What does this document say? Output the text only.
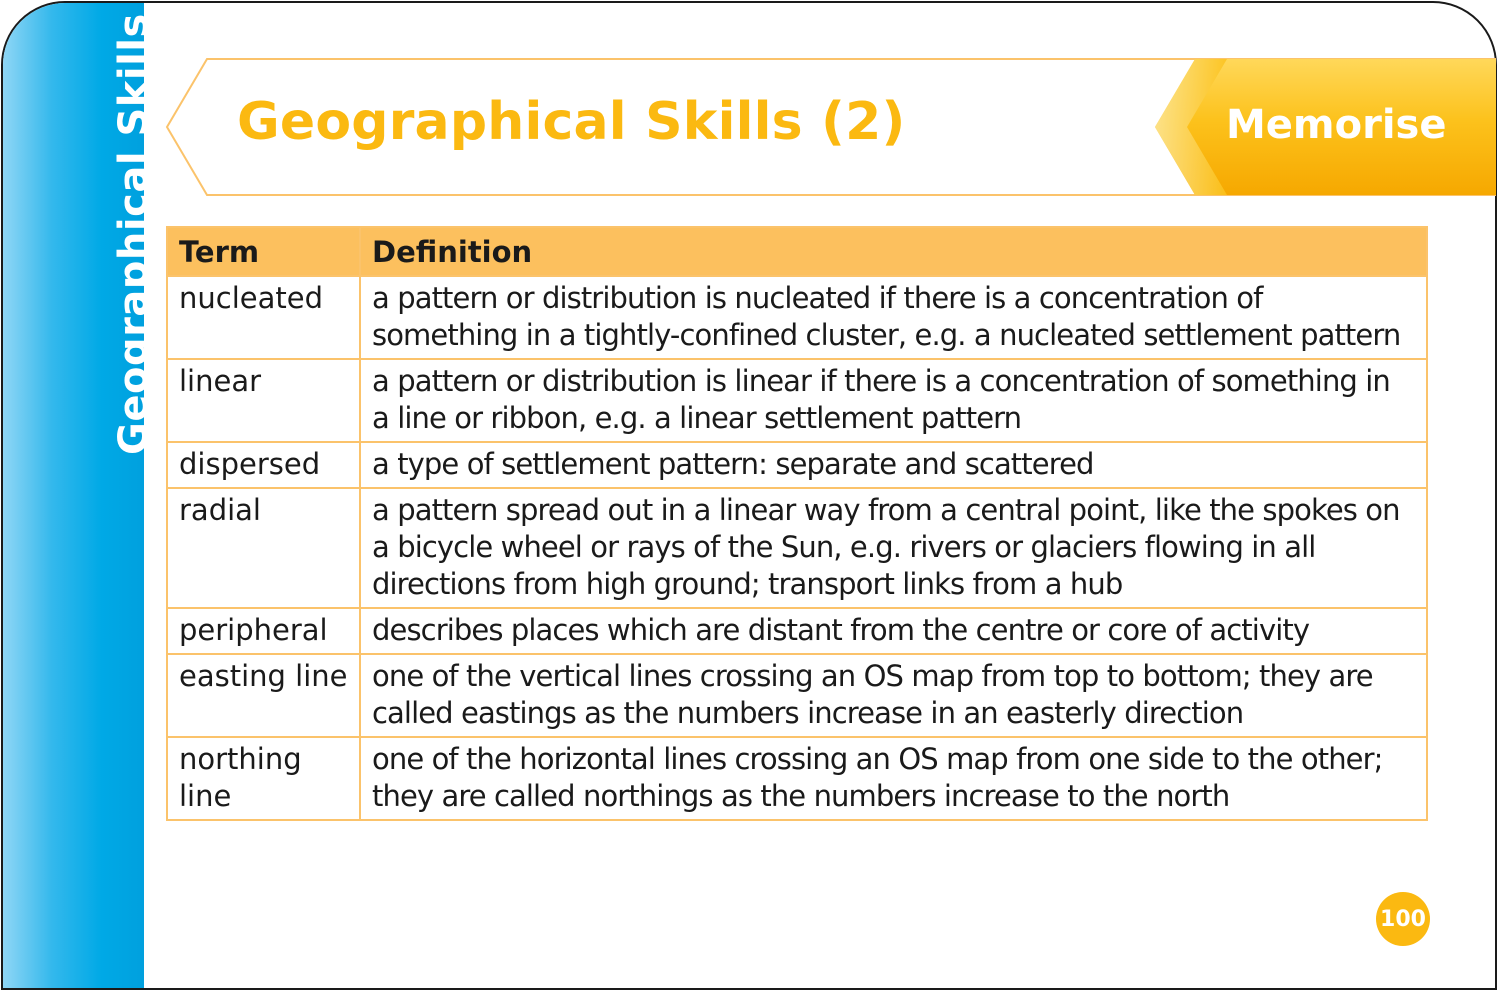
Geographical Skills Geographical Skills (2)	Memorise
Term	Definition
nucleated	a pattern or distribution is nucleated if there is a concentration of something in a tightly-confined cluster, e.g. a nucleated settlement pattern
linear	a pattern or distribution is linear if there is a concentration of something in a line or ribbon, e.g. a linear settlement pattern
dispersed	a type of settlement pattern: separate and scattered
radial	a pattern spread out in a linear way from a central point, like the spokes on a bicycle wheel or rays of the Sun, e.g. rivers or glaciers flowing in all directions from high ground; transport links from a hub
peripheral	describes places which are distant from the centre or core of activity
easting line	one of the vertical lines crossing an OS map from top to bottom; they are called eastings as the numbers increase in an easterly direction
northing line	one of the horizontal lines crossing an OS map from one side to the other; they are called northings as the numbers increase to the north
100
